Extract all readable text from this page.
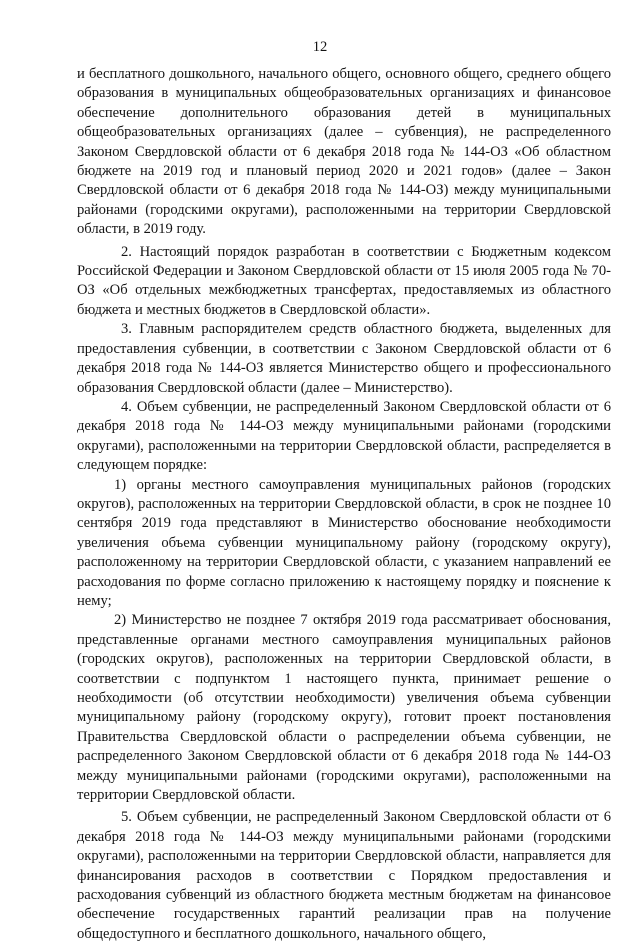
12

и бесплатного дошкольного, начального общего, основного общего, среднего общего образования в муниципальных общеобразовательных организациях и финансовое обеспечение дополнительного образования детей в муниципальных общеобразовательных организациях (далее – субвенция), не распределенного Законом Свердловской области от 6 декабря 2018 года № 144-ОЗ «Об областном бюджете на 2019 год и плановый период 2020 и 2021 годов» (далее – Закон Свердловской области от 6 декабря 2018 года № 144-ОЗ) между муниципальными районами (городскими округами), расположенными на территории Свердловской области, в 2019 году.

2. Настоящий порядок разработан в соответствии с Бюджетным кодексом Российской Федерации и Законом Свердловской области от 15 июля 2005 года № 70-ОЗ «Об отдельных межбюджетных трансфертах, предоставляемых из областного бюджета и местных бюджетов в Свердловской области».

3. Главным распорядителем средств областного бюджета, выделенных для предоставления субвенции, в соответствии с Законом Свердловской области от 6 декабря 2018 года № 144-ОЗ является Министерство общего и профессионального образования Свердловской области (далее – Министерство).

4. Объем субвенции, не распределенный Законом Свердловской области от 6 декабря 2018 года № 144-ОЗ между муниципальными районами (городскими округами), расположенными на территории Свердловской области, распределяется в следующем порядке:

1) органы местного самоуправления муниципальных районов (городских округов), расположенных на территории Свердловской области, в срок не позднее 10 сентября 2019 года представляют в Министерство обоснование необходимости увеличения объема субвенции муниципальному району (городскому округу), расположенному на территории Свердловской области, с указанием направлений ее расходования по форме согласно приложению к настоящему порядку и пояснение к нему;

2) Министерство не позднее 7 октября 2019 года рассматривает обоснования, представленные органами местного самоуправления муниципальных районов (городских округов), расположенных на территории Свердловской области, в соответствии с подпунктом 1 настоящего пункта, принимает решение о необходимости (об отсутствии необходимости) увеличения объема субвенции муниципальному району (городскому округу), готовит проект постановления Правительства Свердловской области о распределении объема субвенции, не распределенного Законом Свердловской области от 6 декабря 2018 года № 144-ОЗ между муниципальными районами (городскими округами), расположенными на территории Свердловской области.

5. Объем субвенции, не распределенный Законом Свердловской области от 6 декабря 2018 года № 144-ОЗ между муниципальными районами (городскими округами), расположенными на территории Свердловской области, направляется для финансирования расходов в соответствии с Порядком предоставления и расходования субвенций из областного бюджета местным бюджетам на финансовое обеспечение государственных гарантий реализации прав на получение общедоступного и бесплатного дошкольного, начального общего,
